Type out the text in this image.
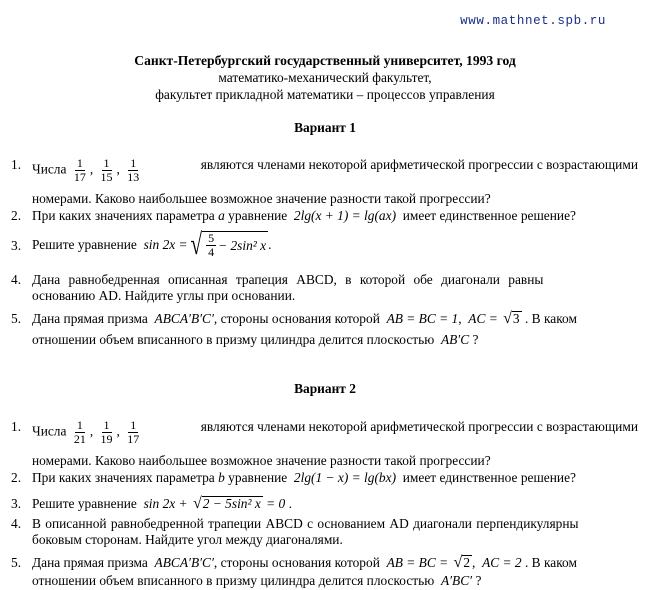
www.mathnet.spb.ru
Санкт-Петербургский государственный университет, 1993 год
математико-механический факультет,
факультет прикладной математики – процессов управления
Вариант 1
1. Числа $\frac{1}{17}$ , $\frac{1}{15}$ , $\frac{1}{13}$	являются членами некоторой арифметической прогрессии с возрастающими
номерами. Каково наибольшее возможное значение разности такой прогрессии?
2. При каких значениях параметра a уравнение 2lg(x + 1) = lg(ax) имеет единственное решение?
3. Решите уравнение
sin 2x = √ $\frac{5}{4} - 2\sin^2$ x .
4. Дана равнобедренная описанная трапеция ABCD, в которой обе диагонали равны
основанию AD. Найдите углы при основании.
5. Дана прямая призма ABCA′B′C′, стороны основания которой AB = BC = 1,  AC = √3 . В каком
отношении объем вписанного в призму цилиндра делится плоскостью AB′C ?
Вариант 2
1. Числа $\frac{1}{21}$ , $\frac{1}{19}$ , $\frac{1}{17}$	являются членами некоторой арифметической прогрессии с возрастающими
номерами. Каково наибольшее возможное значение разности такой прогрессии?
2. При каких значениях параметра b уравнение 2lg(1 − x) = lg(bx) имеет единственное решение?
3. Решите уравнение sin 2x + √2 − 5sin² x = 0 .
4. В описанной равнобедренной трапеции ABCD с основанием AD диагонали перпендикулярны
боковым сторонам. Найдите угол между диагоналями.
5. Дана прямая призма ABCA′B′C′, стороны основания которой AB = BC = √2 ,  AC = 2 . В каком
отношении объем вписанного в призму цилиндра делится плоскостью A′BC′ ?
